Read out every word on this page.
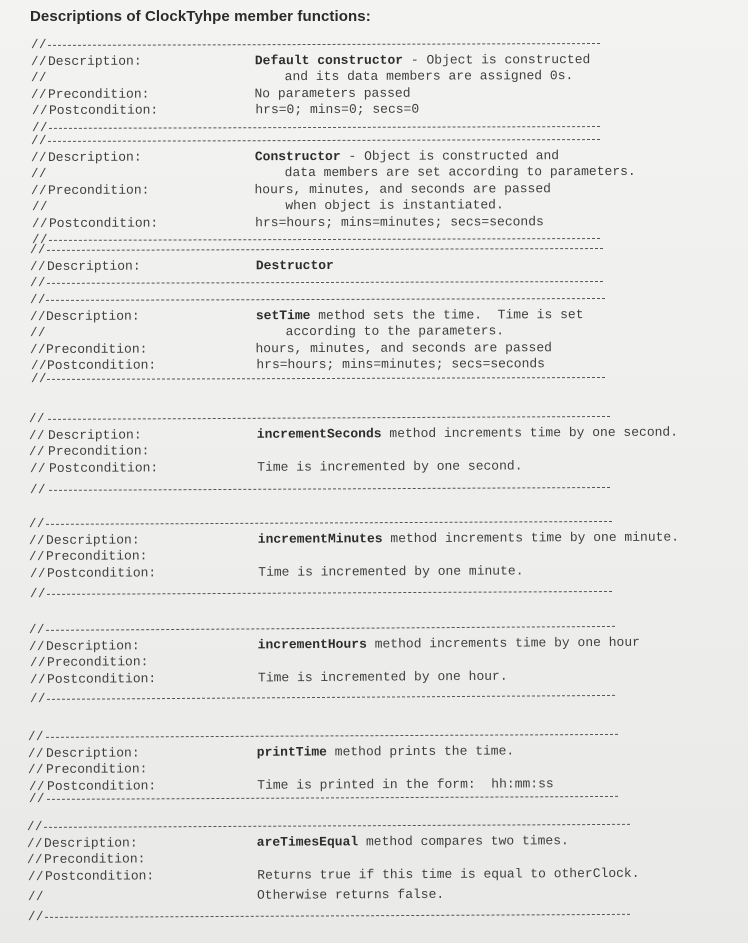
Descriptions of ClockTyhpe member functions:
//
// Description:	Default constructor - Object is constructed
//	and its data members are assigned 0s.
// Precondition:	No parameters passed
// Postcondition:	hrs=0; mins=0; secs=0
//
//
// Description:	Constructor - Object is constructed and
//	data members are set according to parameters.
// Precondition:	hours, minutes, and seconds are passed
//	when object is instantiated.
// Postcondition:	hrs=hours; mins=minutes; secs=seconds
//
//
// Description:	Destructor
//
//
// Description:	setTime method sets the time.  Time is set
//	according to the parameters.
// Precondition:	hours, minutes, and seconds are passed
// Postcondition:	hrs=hours; mins=minutes; secs=seconds
//
//
// Description:	incrementSeconds method increments time by one second.
// Precondition:
// Postcondition:	Time is incremented by one second.
//
//
// Description:	incrementMinutes method increments time by one minute.
// Precondition:
// Postcondition:	Time is incremented by one minute.
//
//
// Description:	incrementHours method increments time by one hour
// Precondition:
// Postcondition:	Time is incremented by one hour.
//
//
// Description:	printTime method prints the time.
// Precondition:
// Postcondition:	Time is printed in the form:  hh:mm:ss
//
//
// Description:	areTimesEqual method compares two times.
// Precondition:
// Postcondition:	Returns true if this time is equal to otherClock.
//	Otherwise returns false.
//
